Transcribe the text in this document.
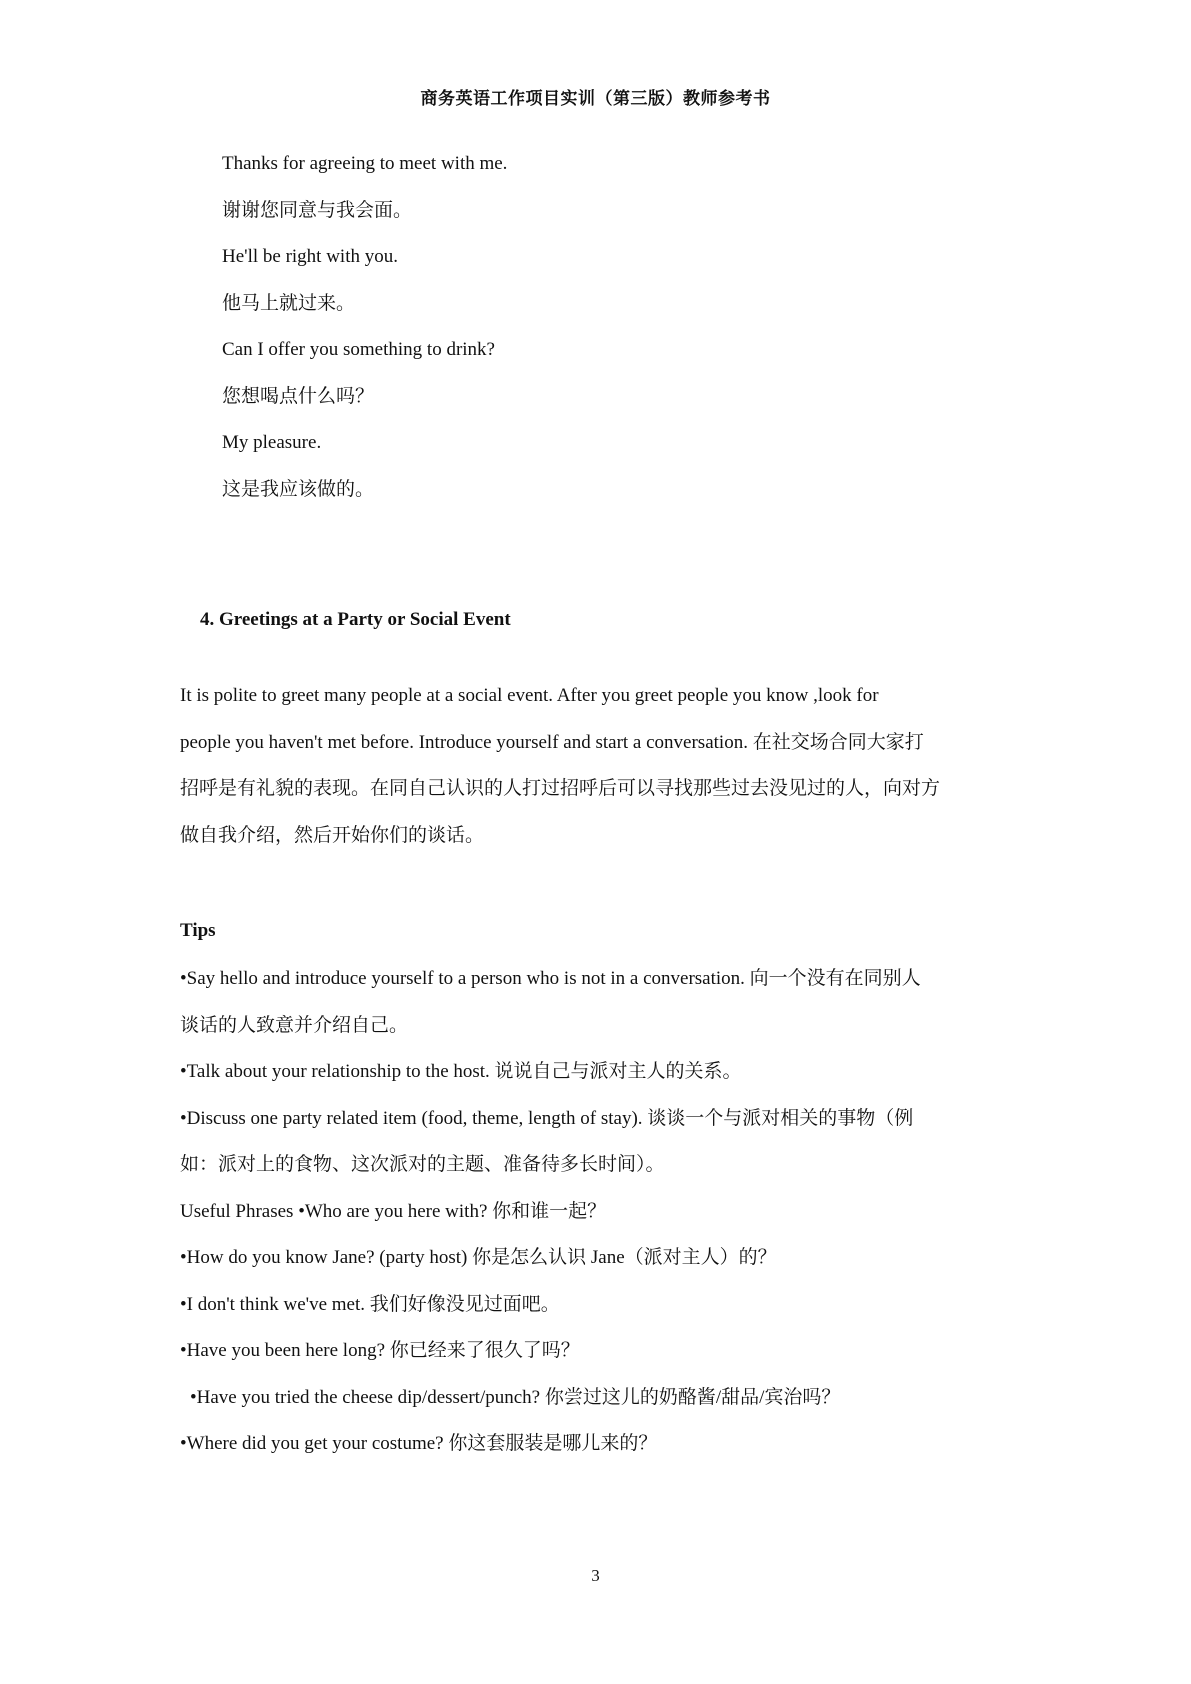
商务英语工作项目实训（第三版）教师参考书
Thanks for agreeing to meet with me.
谢谢您同意与我会面。
He'll be right with you.
他马上就过来。
Can I offer you something to drink?
您想喝点什么吗？
My pleasure.
这是我应该做的。
4. Greetings at a Party or Social Event
It is polite to greet many people at a social event. After you greet people you know ,look for
people you haven't met before. Introduce yourself and start a conversation. 在社交场合同大家打
招呼是有礼貌的表现。在同自己认识的人打过招呼后可以寻找那些过去没见过的人，向对方
做自我介绍，然后开始你们的谈话。
Tips
•Say hello and introduce yourself to a person who is not in a conversation. 向一个没有在同别人
谈话的人致意并介绍自己。
•Talk about your relationship to the host. 说说自己与派对主人的关系。
•Discuss one party related item (food, theme, length of stay). 谈谈一个与派对相关的事物（例
如：派对上的食物、这次派对的主题、准备待多长时间）。
Useful Phrases •Who are you here with? 你和谁一起？
•How do you know Jane? (party host) 你是怎么认识 Jane（派对主人）的？
•I don't think we've met. 我们好像没见过面吧。
•Have you been here long? 你已经来了很久了吗？
•Have you tried the cheese dip/dessert/punch? 你尝过这儿的奶酪酱/甜品/宾治吗？
•Where did you get your costume? 你这套服装是哪儿来的？
3
